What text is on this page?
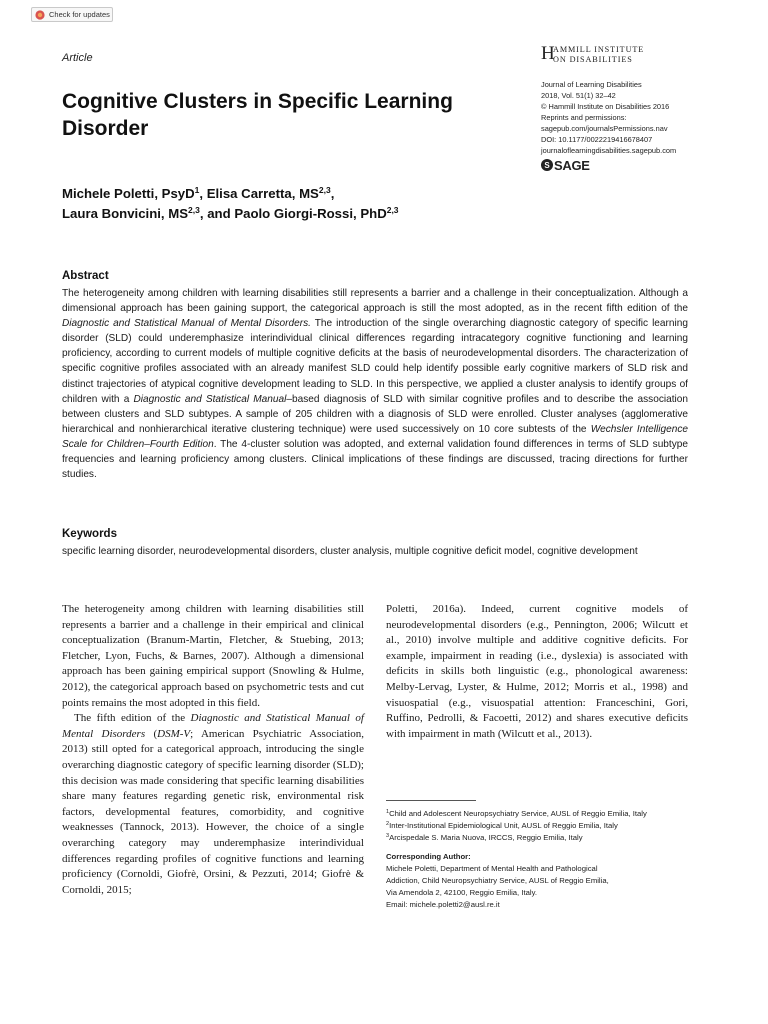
Check for updates
Article
Cognitive Clusters in Specific Learning Disorder
Michele Poletti, PsyD$^1$, Elisa Carretta, MS$^{2,3}$,
Laura Bonvicini, MS$^{2,3}$, and Paolo Giorgi-Rossi, PhD$^{2,3}$
H
AMMILL INSTITUTE
ON DISABILITIES
Journal of Learning Disabilities
2018, Vol. 51(1) 32–42
© Hammill Institute on Disabilities 2016
Reprints and permissions:
sagepub.com/journalsPermissions.nav
DOI: 10.1177/0022219416678407
journaloflearningdisabilities.sagepub.com
S SAGE
Abstract
The heterogeneity among children with learning disabilities still represents a barrier and a challenge in their conceptualization. Although a dimensional approach has been gaining support, the categorical approach is still the most adopted, as in the recent fifth edition of the Diagnostic and Statistical Manual of Mental Disorders. The introduction of the single overarching diagnostic category of specific learning disorder (SLD) could underemphasize interindividual clinical differences regarding intracategory cognitive functioning and learning proficiency, according to current models of multiple cognitive deficits at the basis of neurodevelopmental disorders. The characterization of specific cognitive profiles associated with an already manifest SLD could help identify possible early cognitive markers of SLD risk and distinct trajectories of atypical cognitive development leading to SLD. In this perspective, we applied a cluster analysis to identify groups of children with a Diagnostic and Statistical Manual–based diagnosis of SLD with similar cognitive profiles and to describe the association between clusters and SLD subtypes. A sample of 205 children with a diagnosis of SLD were enrolled. Cluster analyses (agglomerative hierarchical and nonhierarchical iterative clustering technique) were used successively on 10 core subtests of the Wechsler Intelligence Scale for Children–Fourth Edition. The 4-cluster solution was adopted, and external validation found differences in terms of SLD subtype frequencies and learning proficiency among clusters. Clinical implications of these findings are discussed, tracing directions for further studies.
Keywords
specific learning disorder, neurodevelopmental disorders, cluster analysis, multiple cognitive deficit model, cognitive development

The heterogeneity among children with learning disabilities still represents a barrier and a challenge in their empirical and clinical conceptualization (Branum-Martin, Fletcher, & Stuebing, 2013; Fletcher, Lyon, Fuchs, & Barnes, 2007). Although a dimensional approach has been gaining empirical support (Snowling & Hulme, 2012), the categorical approach based on psychometric tests and cut points remains the most adopted in this field.

The fifth edition of the Diagnostic and Statistical Manual of Mental Disorders (DSM-V; American Psychiatric Association, 2013) still opted for a categorical approach, introducing the single overarching diagnostic category of specific learning disorder (SLD); this decision was made considering that specific learning disabilities share many features regarding genetic risk, environmental risk factors, developmental features, comorbidity, and cognitive weaknesses (Tannock, 2013). However, the choice of a single overarching category may underemphasize interindividual differences regarding profiles of cognitive functions and learning proficiency (Cornoldi, Giofrè, Orsini, & Pezzuti, 2014; Giofrè & Cornoldi, 2015;

Poletti, 2016a). Indeed, current cognitive models of neurodevelopmental disorders (e.g., Pennington, 2006; Wilcutt et al., 2010) involve multiple and additive cognitive deficits. For example, impairment in reading (i.e., dyslexia) is associated with deficits in skills both linguistic (e.g., phonological awareness: Melby-Lervag, Lyster, & Hulme, 2012; Morris et al., 1998) and visuospatial (e.g., visuospatial attention: Franceschini, Gori, Ruffino, Pedrolli, & Facoetti, 2012) and shares executive deficits with impairment in math (Wilcutt et al., 2013).

$^1$Child and Adolescent Neuropsychiatry Service, AUSL of Reggio Emilia, Italy
$^2$Inter-Institutional Epidemiological Unit, AUSL of Reggio Emilia, Italy
$^3$Arcispedale S. Maria Nuova, IRCCS, Reggio Emilia, Italy
Corresponding Author:
Michele Poletti, Department of Mental Health and Pathological
Addiction, Child Neuropsychiatry Service, AUSL of Reggio Emilia,
Via Amendola 2, 42100, Reggio Emilia, Italy.
Email: michele.poletti2@ausl.re.it
